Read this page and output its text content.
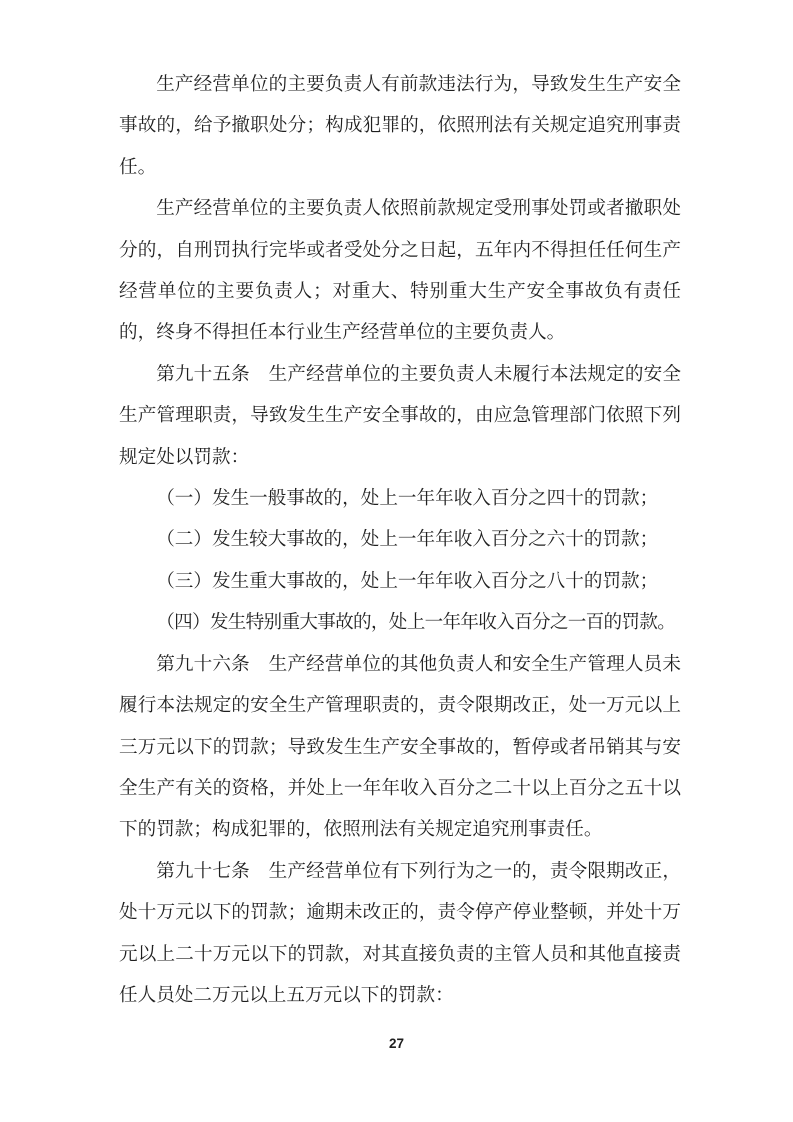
生产经营单位的主要负责人有前款违法行为，导致发生生产安全事故的，给予撤职处分；构成犯罪的，依照刑法有关规定追究刑事责任。

生产经营单位的主要负责人依照前款规定受刑事处罚或者撤职处分的，自刑罚执行完毕或者受处分之日起，五年内不得担任任何生产经营单位的主要负责人；对重大、特别重大生产安全事故负有责任的，终身不得担任本行业生产经营单位的主要负责人。

第九十五条　生产经营单位的主要负责人未履行本法规定的安全生产管理职责，导致发生生产安全事故的，由应急管理部门依照下列规定处以罚款：

（一）发生一般事故的，处上一年年收入百分之四十的罚款；

（二）发生较大事故的，处上一年年收入百分之六十的罚款；

（三）发生重大事故的，处上一年年收入百分之八十的罚款；

（四）发生特别重大事故的，处上一年年收入百分之一百的罚款。

第九十六条　生产经营单位的其他负责人和安全生产管理人员未履行本法规定的安全生产管理职责的，责令限期改正，处一万元以上三万元以下的罚款；导致发生生产安全事故的，暂停或者吊销其与安全生产有关的资格，并处上一年年收入百分之二十以上百分之五十以下的罚款；构成犯罪的，依照刑法有关规定追究刑事责任。

第九十七条　生产经营单位有下列行为之一的，责令限期改正，处十万元以下的罚款；逾期未改正的，责令停产停业整顿，并处十万元以上二十万元以下的罚款，对其直接负责的主管人员和其他直接责任人员处二万元以上五万元以下的罚款：

27
